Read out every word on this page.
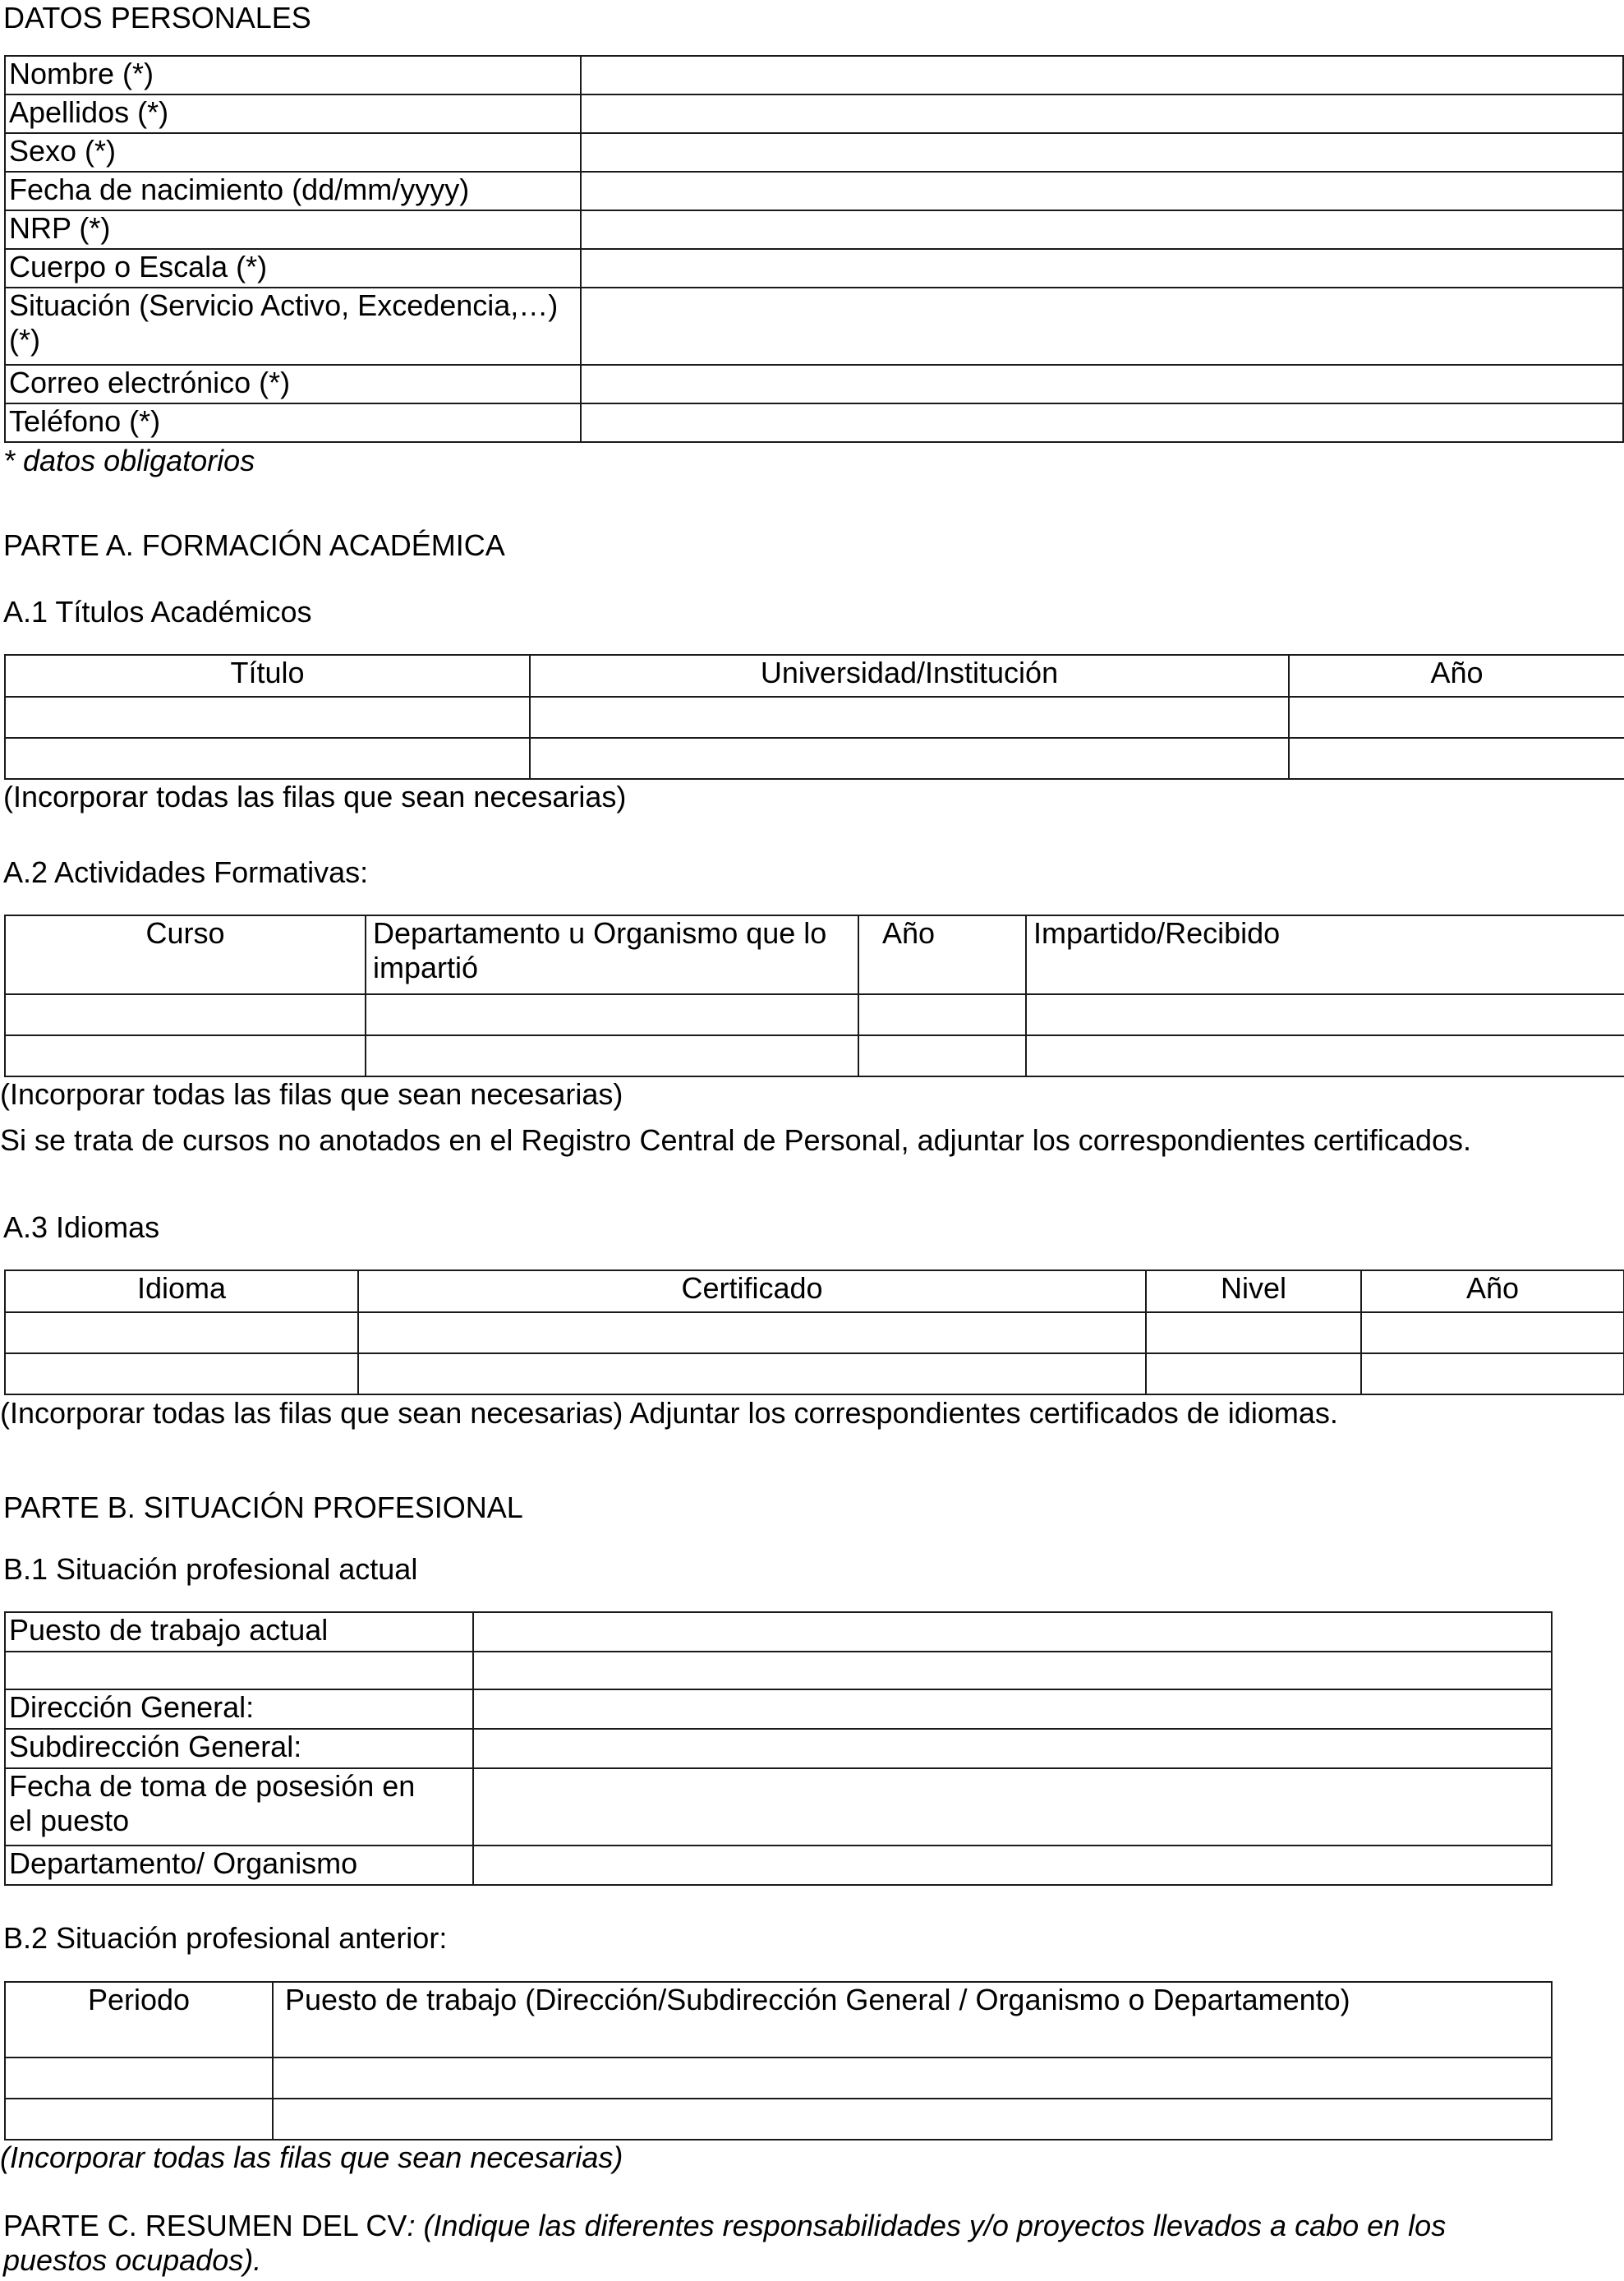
DATOS PERSONALES
Nombre (*)	
Apellidos (*)	
Sexo (*)	
Fecha de nacimiento (dd/mm/yyyy)	
NRP (*)	
Cuerpo o Escala (*)	
Situación (Servicio Activo, Excedencia,…) (*)	
Correo electrónico (*)	
Teléfono (*)	
* datos obligatorios
PARTE A. FORMACIÓN ACADÉMICA
A.1 Títulos Académicos
Título	Universidad/Institución	Año

(Incorporar todas las filas que sean necesarias)
A.2 Actividades Formativas:
Curso	Departamento u Organismo que lo impartió	Año	Impartido/Recibido

(Incorporar todas las filas que sean necesarias)
Si se trata de cursos no anotados en el Registro Central de Personal, adjuntar los correspondientes certificados.
A.3 Idiomas
Idioma	Certificado	Nivel	Año

(Incorporar todas las filas que sean necesarias) Adjuntar los correspondientes certificados de idiomas.
PARTE B. SITUACIÓN PROFESIONAL
B.1 Situación profesional actual
Puesto de trabajo actual	

Dirección General:	
Subdirección General:	
Fecha de toma de posesión en el puesto	
Departamento/ Organismo	
B.2 Situación profesional anterior:
Periodo	Puesto de trabajo (Dirección/Subdirección General / Organismo o Departamento)

(Incorporar todas las filas que sean necesarias)
PARTE C. RESUMEN DEL CV: (Indique las diferentes responsabilidades y/o proyectos llevados a cabo en los puestos ocupados).
